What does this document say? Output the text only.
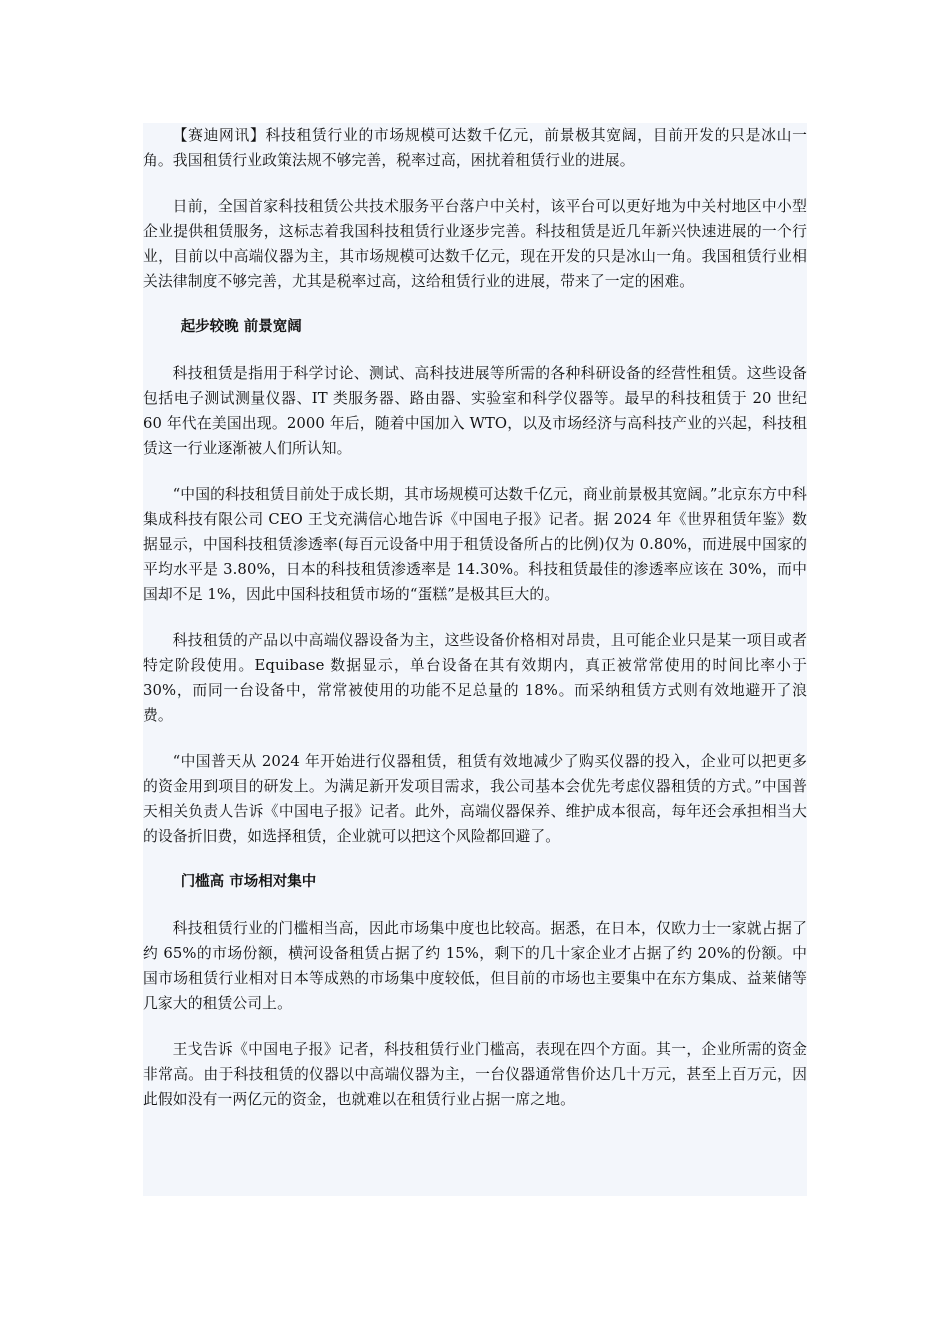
【赛迪网讯】科技租赁行业的市场规模可达数千亿元，前景极其宽阔，目前开发的只是冰山一角。我国租赁行业政策法规不够完善，税率过高，困扰着租赁行业的进展。

日前，全国首家科技租赁公共技术服务平台落户中关村，该平台可以更好地为中关村地区中小型企业提供租赁服务，这标志着我国科技租赁行业逐步完善。科技租赁是近几年新兴快速进展的一个行业，目前以中高端仪器为主，其市场规模可达数千亿元，现在开发的只是冰山一角。我国租赁行业相关法律制度不够完善，尤其是税率过高，这给租赁行业的进展，带来了一定的困难。

起步较晚 前景宽阔

科技租赁是指用于科学讨论、测试、高科技进展等所需的各种科研设备的经营性租赁。这些设备包括电子测试测量仪器、IT 类服务器、路由器、实验室和科学仪器等。最早的科技租赁于 20 世纪 60 年代在美国出现。2000 年后，随着中国加入 WTO，以及市场经济与高科技产业的兴起，科技租赁这一行业逐渐被人们所认知。

“中国的科技租赁目前处于成长期，其市场规模可达数千亿元，商业前景极其宽阔。”北京东方中科集成科技有限公司 CEO 王戈充满信心地告诉《中国电子报》记者。据 2024 年《世界租赁年鉴》数据显示，中国科技租赁渗透率(每百元设备中用于租赁设备所占的比例)仅为 0.80%，而进展中国家的平均水平是 3.80%，日本的科技租赁渗透率是 14.30%。科技租赁最佳的渗透率应该在 30%，而中国却不足 1%，因此中国科技租赁市场的“蛋糕”是极其巨大的。

科技租赁的产品以中高端仪器设备为主，这些设备价格相对昂贵，且可能企业只是某一项目或者特定阶段使用。Equibase 数据显示，单台设备在其有效期内，真正被常常使用的时间比率小于 30%，而同一台设备中，常常被使用的功能不足总量的 18%。而采纳租赁方式则有效地避开了浪费。

“中国普天从 2024 年开始进行仪器租赁，租赁有效地减少了购买仪器的投入，企业可以把更多的资金用到项目的研发上。为满足新开发项目需求，我公司基本会优先考虑仪器租赁的方式。”中国普天相关负责人告诉《中国电子报》记者。此外，高端仪器保养、维护成本很高，每年还会承担相当大的设备折旧费，如选择租赁，企业就可以把这个风险都回避了。

门槛高 市场相对集中

科技租赁行业的门槛相当高，因此市场集中度也比较高。据悉，在日本，仅欧力士一家就占据了约 65%的市场份额，横河设备租赁占据了约 15%，剩下的几十家企业才占据了约 20%的份额。中国市场租赁行业相对日本等成熟的市场集中度较低，但目前的市场也主要集中在东方集成、益莱储等几家大的租赁公司上。

王戈告诉《中国电子报》记者，科技租赁行业门槛高，表现在四个方面。其一，企业所需的资金非常高。由于科技租赁的仪器以中高端仪器为主，一台仪器通常售价达几十万元，甚至上百万元，因此假如没有一两亿元的资金，也就难以在租赁行业占据一席之地。
